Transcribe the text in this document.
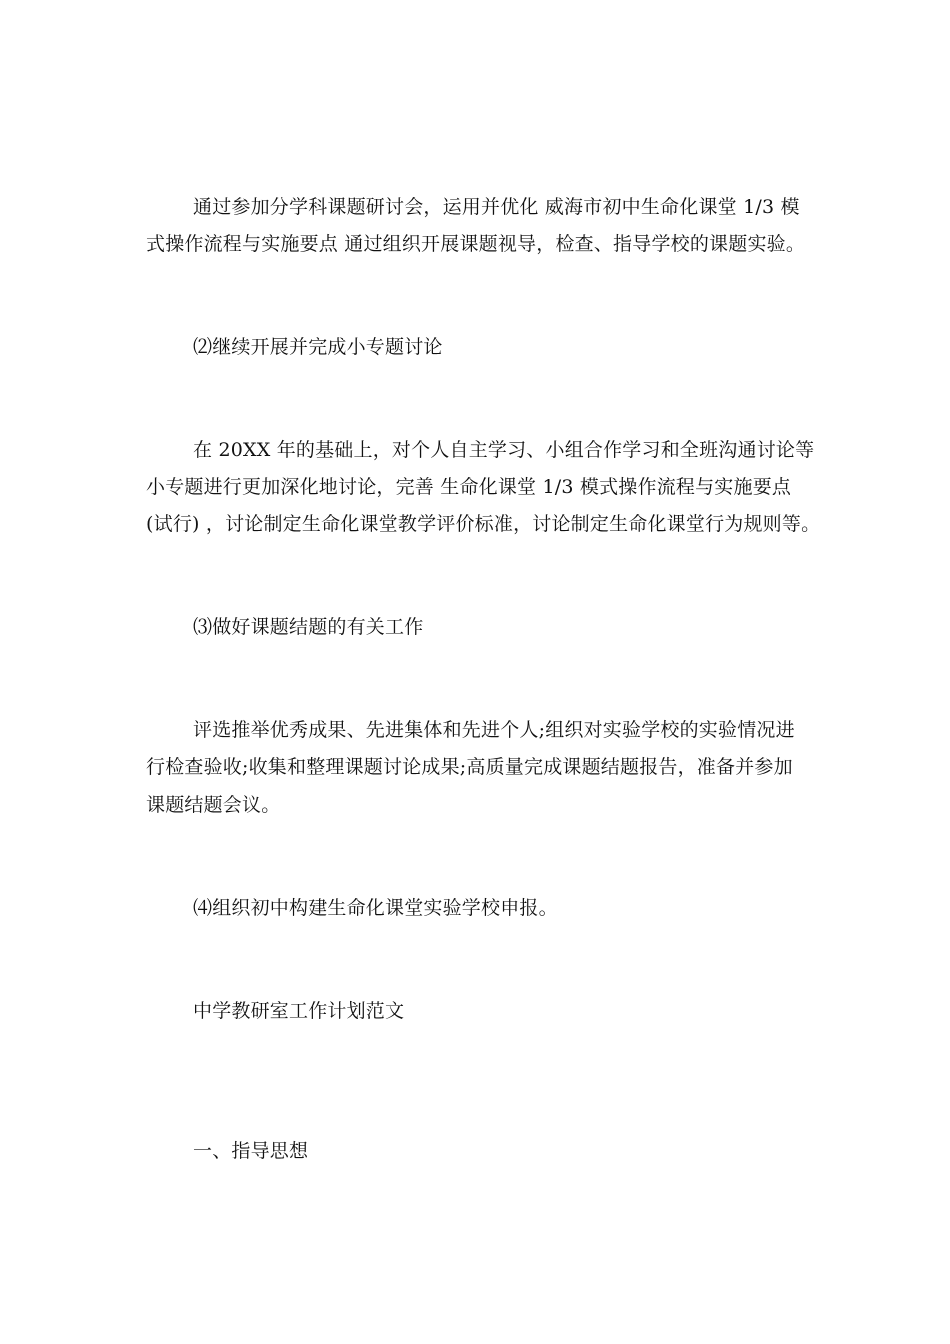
通过参加分学科课题研讨会，运用并优化 威海市初中生命化课堂 1/3 模
式操作流程与实施要点 通过组织开展课题视导，检查、指导学校的课题实验。
⑵继续开展并完成小专题讨论
在 20XX 年的基础上，对个人自主学习、小组合作学习和全班沟通讨论等
小专题进行更加深化地讨论，完善 生命化课堂 1/3 模式操作流程与实施要点
(试行) ，讨论制定生命化课堂教学评价标准，讨论制定生命化课堂行为规则等。
⑶做好课题结题的有关工作
评选推举优秀成果、先进集体和先进个人;组织对实验学校的实验情况进
行检查验收;收集和整理课题讨论成果;高质量完成课题结题报告，准备并参加
课题结题会议。
⑷组织初中构建生命化课堂实验学校申报。
中学教研室工作计划范文
一、指导思想
